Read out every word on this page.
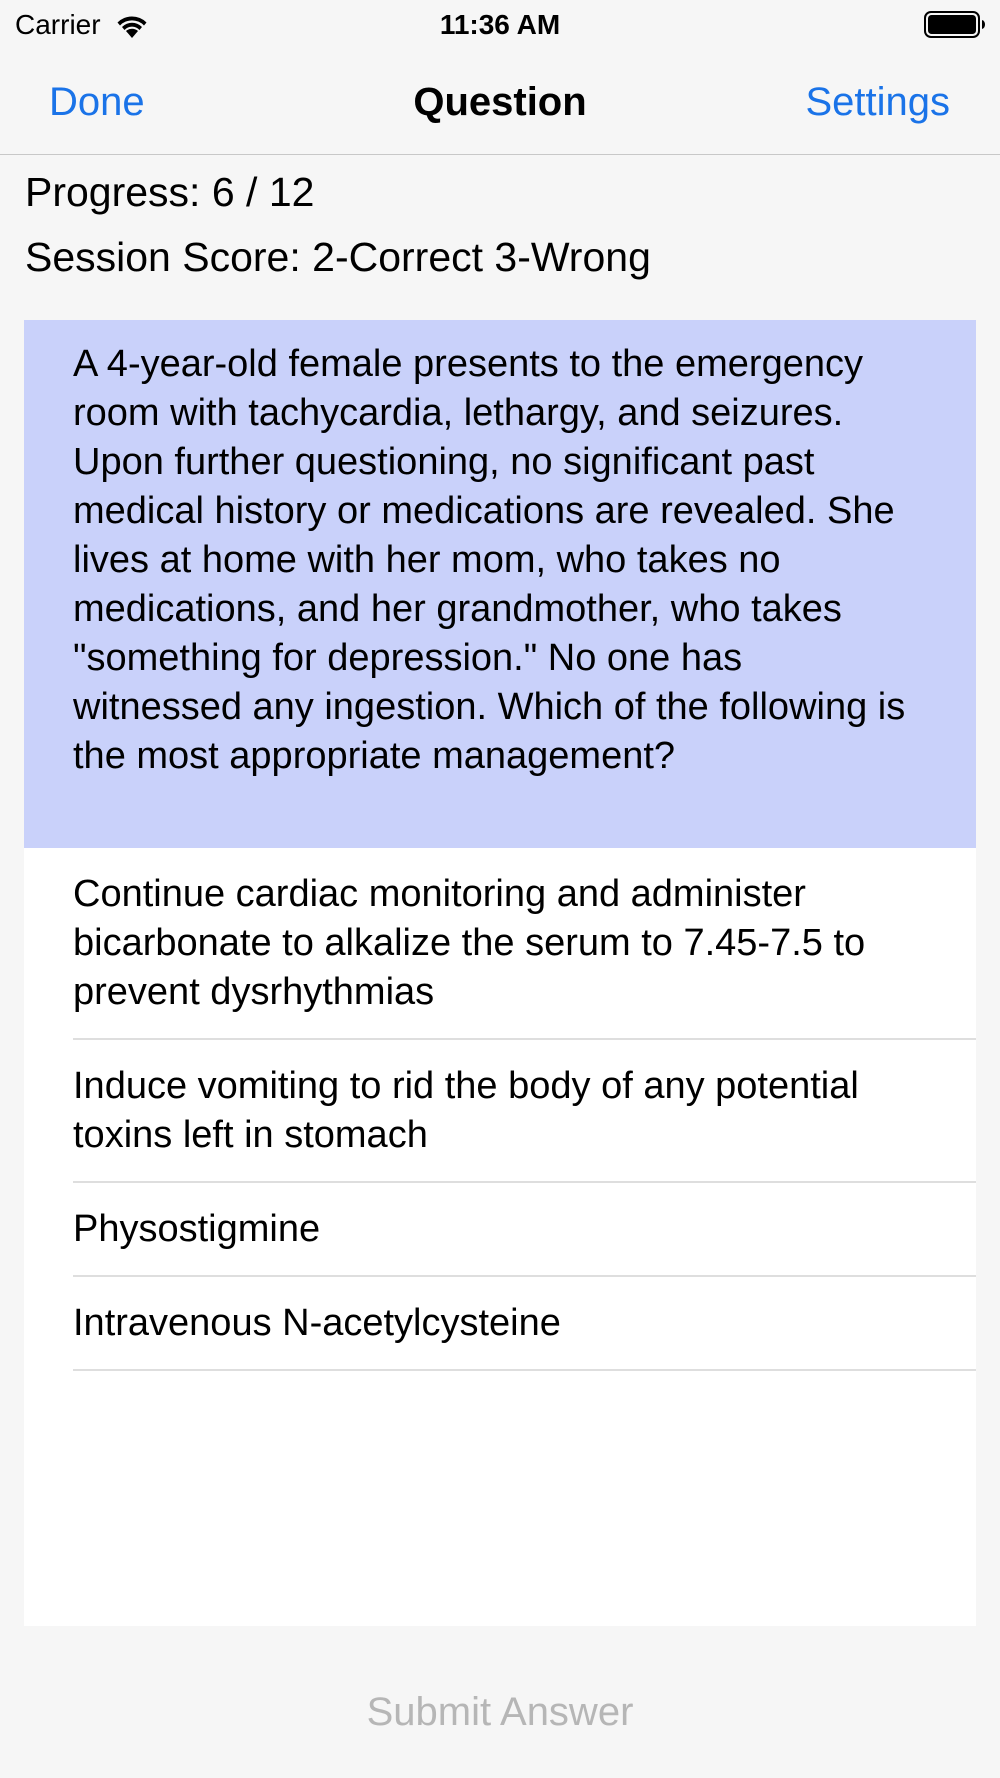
Carrier	11:36 AM
Done	Question	Settings
Progress: 6 / 12
Session Score: 2-Correct 3-Wrong
A 4-year-old female presents to the emergency room with tachycardia, lethargy, and seizures. Upon further questioning, no significant past medical history or medications are revealed. She lives at home with her mom, who takes no medications, and her grandmother, who takes "something for depression." No one has witnessed any ingestion. Which of the following is the most appropriate management?
Continue cardiac monitoring and administer bicarbonate to alkalize the serum to 7.45-7.5 to prevent dysrhythmias
Induce vomiting to rid the body of any potential toxins left in stomach
Physostigmine
Intravenous N-acetylcysteine
Submit Answer
